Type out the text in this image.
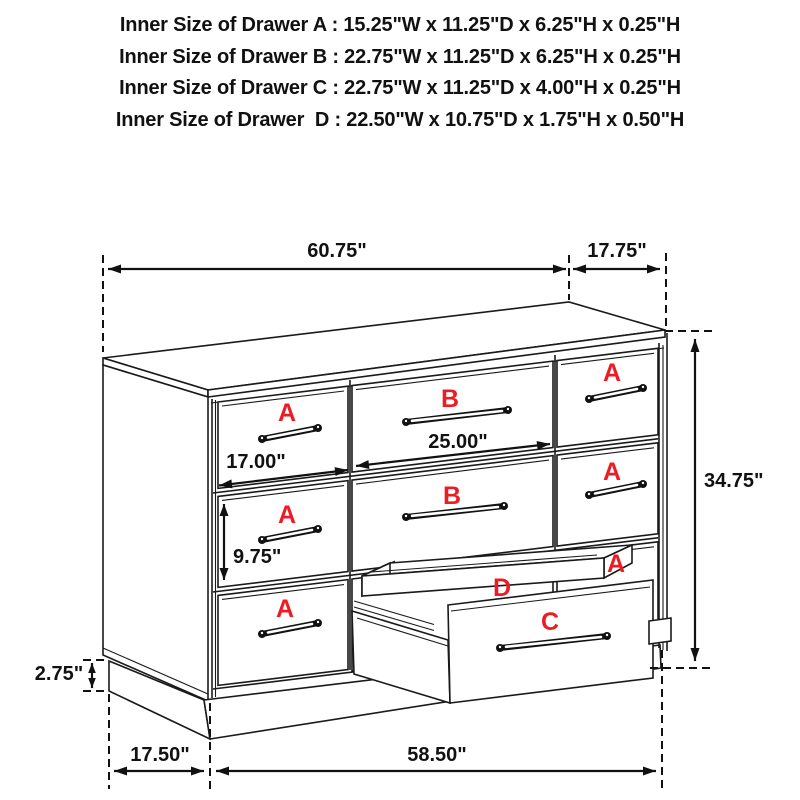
Inner Size of Drawer A : 15.25"W x 11.25"D x 6.25"H x 0.25"H
Inner Size of Drawer B : 22.75"W x 11.25"D x 6.25"H x 0.25"H
Inner Size of Drawer C : 22.75"W x 11.25"D x 4.00"H x 0.25"H
Inner Size of Drawer  D : 22.50"W x 10.75"D x 1.75"H x 0.50"H
A
A
A
B
B
A
A
A
C
D
60.75"	17.75"
34.75"
17.00"
25.00"
9.75"
2.75"
17.50"	58.50"
